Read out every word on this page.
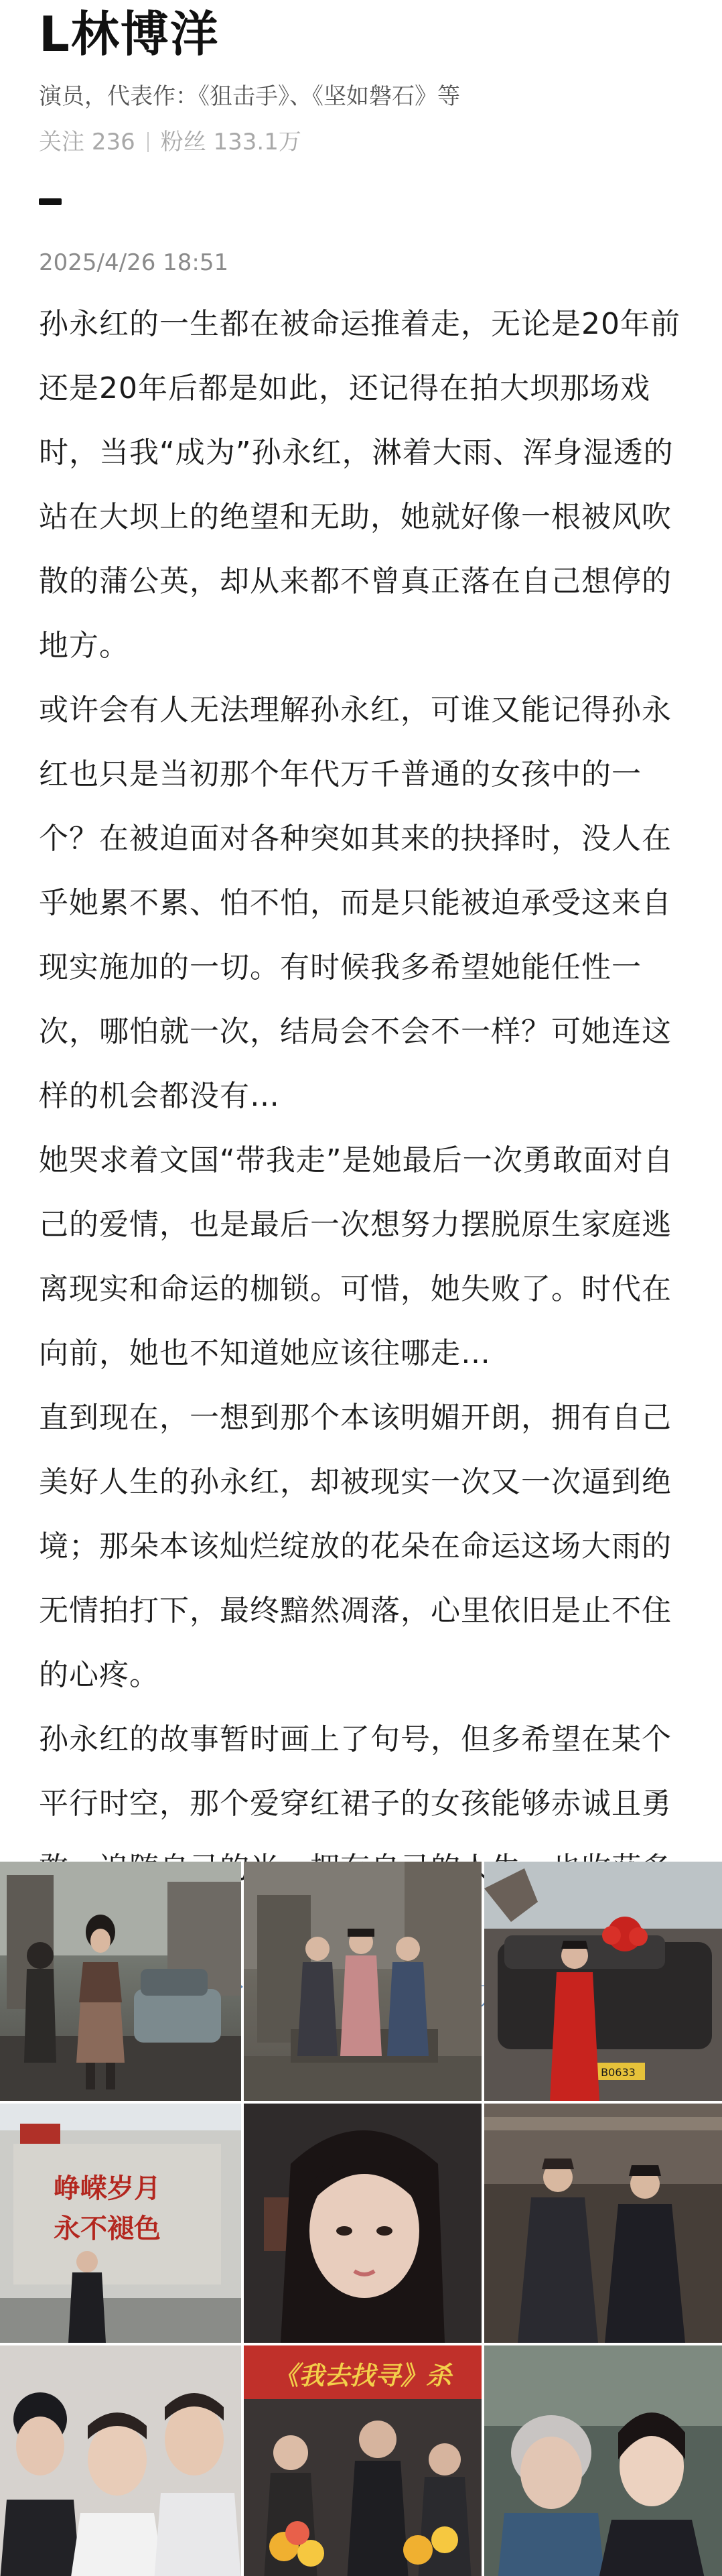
L林博洋
演员，代表作：《狙击手》、《坚如磐石》等
关注 236 粉丝 133.1万
2025/4/26 18:51

孙永红的一生都在被命运推着走，无论是20年前还是20年后都是如此，还记得在拍大坝那场戏时，当我“成为”孙永红，淋着大雨、浑身湿透的站在大坝上的绝望和无助，她就好像一根被风吹散的蒲公英，却从来都不曾真正落在自己想停的地方。

或许会有人无法理解孙永红，可谁又能记得孙永红也只是当初那个年代万千普通的女孩中的一个？在被迫面对各种突如其来的抉择时，没人在乎她累不累、怕不怕，而是只能被迫承受这来自现实施加的一切。有时候我多希望她能任性一次，哪怕就一次，结局会不会不一样？可她连这样的机会都没有…

她哭求着文国“带我走”是她最后一次勇敢面对自己的爱情，也是最后一次想努力摆脱原生家庭逃离现实和命运的枷锁。可惜，她失败了。时代在向前，她也不知道她应该往哪走…

直到现在，一想到那个本该明媚开朗，拥有自己美好人生的孙永红，却被现实一次又一次逼到绝境；那朵本该灿烂绽放的花朵在命运这场大雨的无情拍打下，最终黯然凋落，心里依旧是止不住的心疼。

孙永红的故事暂时画上了句号，但多希望在某个平行时空，那个爱穿红裙子的女孩能够赤诚且勇

B0633
峥嵘岁月
永不褪色
《我去找寻》杀
